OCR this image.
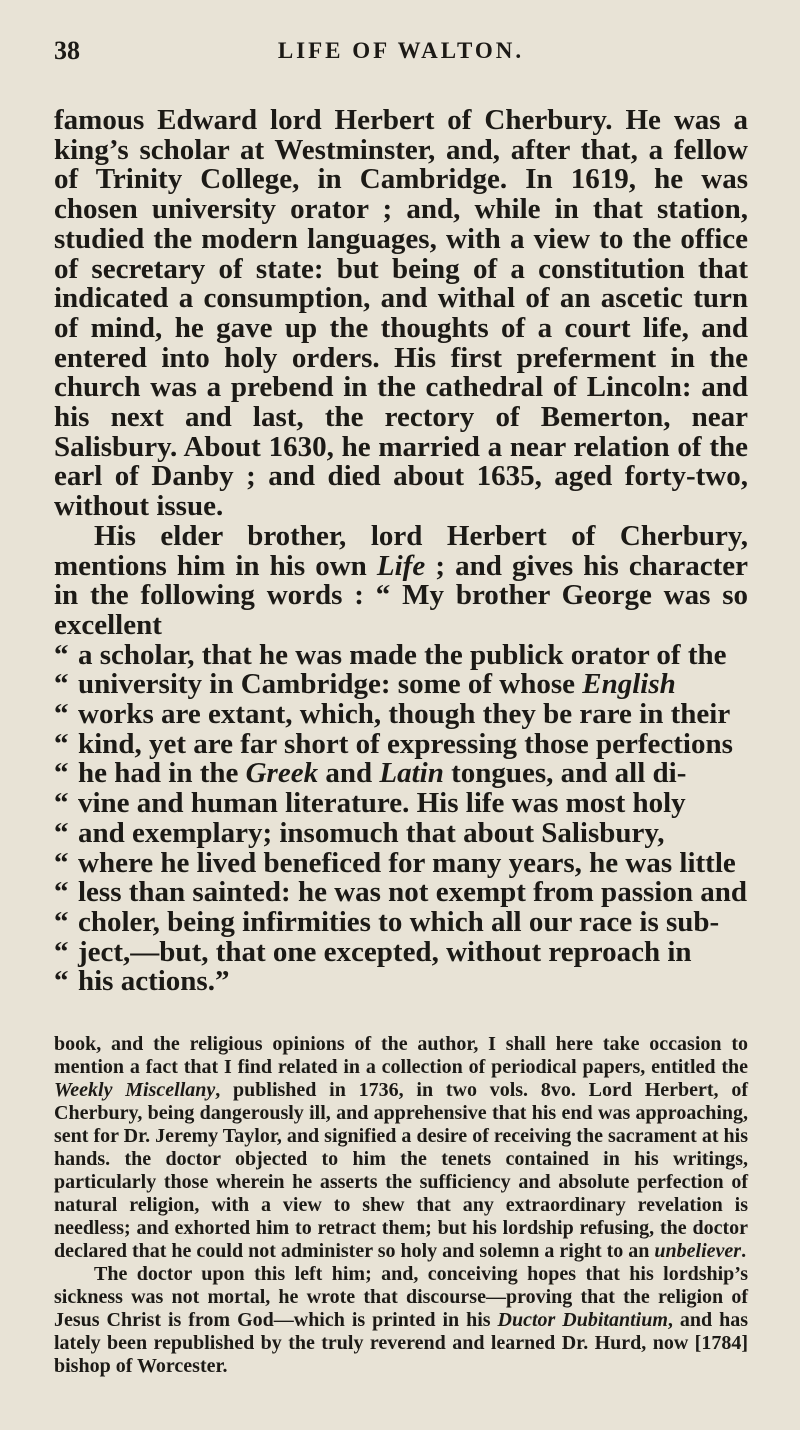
38	LIFE OF WALTON.

famous Edward lord Herbert of Cherbury. He was a king’s scholar at Westminster, and, after that, a fellow of Trinity College, in Cambridge. In 1619, he was chosen university orator ; and, while in that station, studied the modern languages, with a view to the office of secretary of state: but being of a constitution that indicated a consumption, and withal of an ascetic turn of mind, he gave up the thoughts of a court life, and entered into holy orders. His first preferment in the church was a prebend in the cathedral of Lincoln: and his next and last, the rectory of Bemerton, near Salisbury. About 1630, he married a near relation of the earl of Danby ; and died about 1635, aged forty-two, without issue.

His elder brother, lord Herbert of Cherbury, mentions him in his own Life ; and gives his character in the following words : “ My brother George was so excellent

“ a scholar, that he was made the publick orator of the
“ university in Cambridge: some of whose English
“ works are extant, which, though they be rare in their
“ kind, yet are far short of expressing those perfections
“ he had in the Greek and Latin tongues, and all di-
“ vine and human literature. His life was most holy
“ and exemplary; insomuch that about Salisbury,
“ where he lived beneficed for many years, he was little
“ less than sainted: he was not exempt from passion and
“ choler, being infirmities to which all our race is sub-
“ ject,—but, that one excepted, without reproach in
“ his actions.”

book, and the religious opinions of the author, I shall here take occasion to mention a fact that I find related in a collection of periodical papers, entitled the Weekly Miscellany, published in 1736, in two vols. 8vo. Lord Herbert, of Cherbury, being dangerously ill, and apprehensive that his end was approaching, sent for Dr. Jeremy Taylor, and signified a desire of receiving the sacrament at his hands. the doctor objected to him the tenets contained in his writings, particularly those wherein he asserts the sufficiency and absolute perfection of natural religion, with a view to shew that any extraordinary revelation is needless; and exhorted him to retract them; but his lordship refusing, the doctor declared that he could not administer so holy and solemn a right to an unbeliever.

The doctor upon this left him; and, conceiving hopes that his lordship’s sickness was not mortal, he wrote that discourse—proving that the religion of Jesus Christ is from God—which is printed in his Ductor Dubitantium, and has lately been republished by the truly reverend and learned Dr. Hurd, now [1784] bishop of Worcester.
